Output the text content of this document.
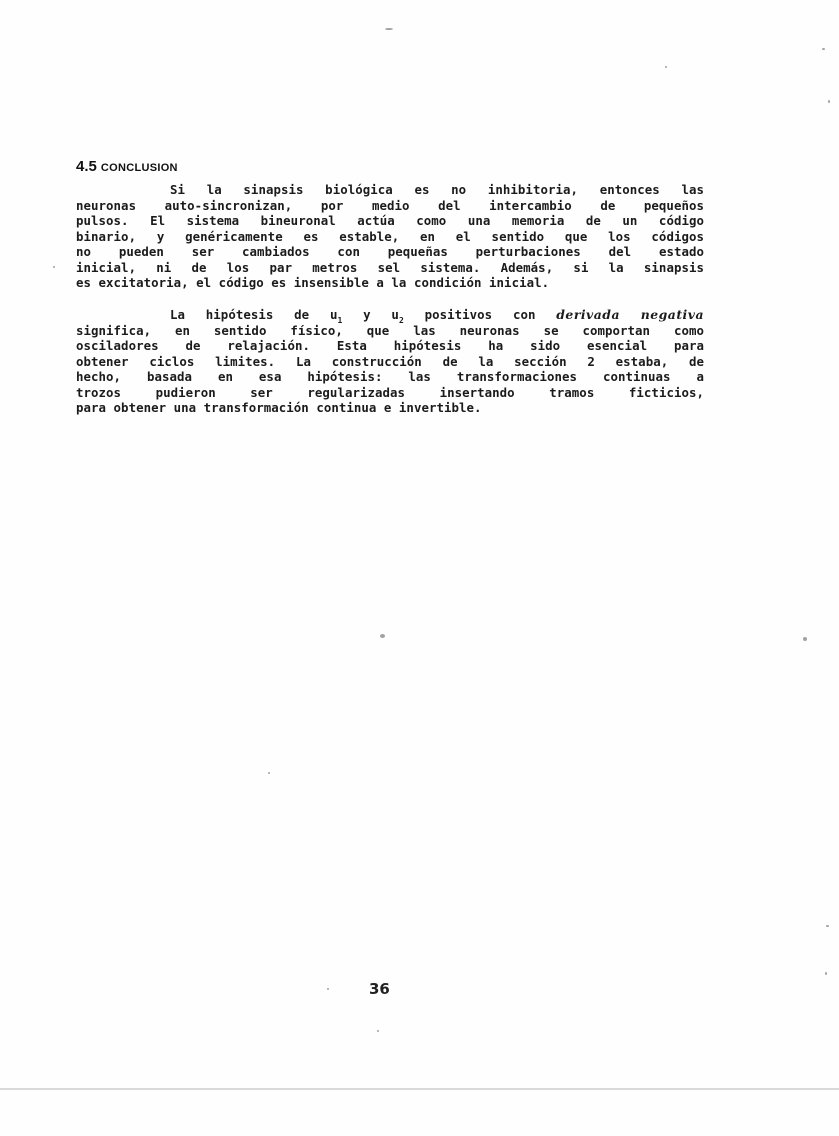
4.5 CONCLUSION

Si la sinapsis biológica es no inhibitoria, entonces las
neuronas auto-sincronizan, por medio del intercambio de pequeños
pulsos. El sistema bineuronal actúa como una memoria de un código
binario, y genéricamente es estable, en el sentido que los códigos
no pueden ser cambiados con pequeñas perturbaciones del estado
inicial, ni de los par metros sel sistema. Además, si la sinapsis
es excitatoria, el código es insensible a la condición inicial.

La hipótesis de $u_1$ y $u_2$ positivos con derivada negativa
significa, en sentido físico, que las neuronas se comportan como
osciladores de relajación. Esta hipótesis ha sido esencial para
obtener ciclos limites. La construcción de la sección 2 estaba, de
hecho, basada en esa hipótesis: las transformaciones continuas a
trozos pudieron ser regularizadas insertando tramos ficticios,
para obtener una transformación continua e invertible.

36
